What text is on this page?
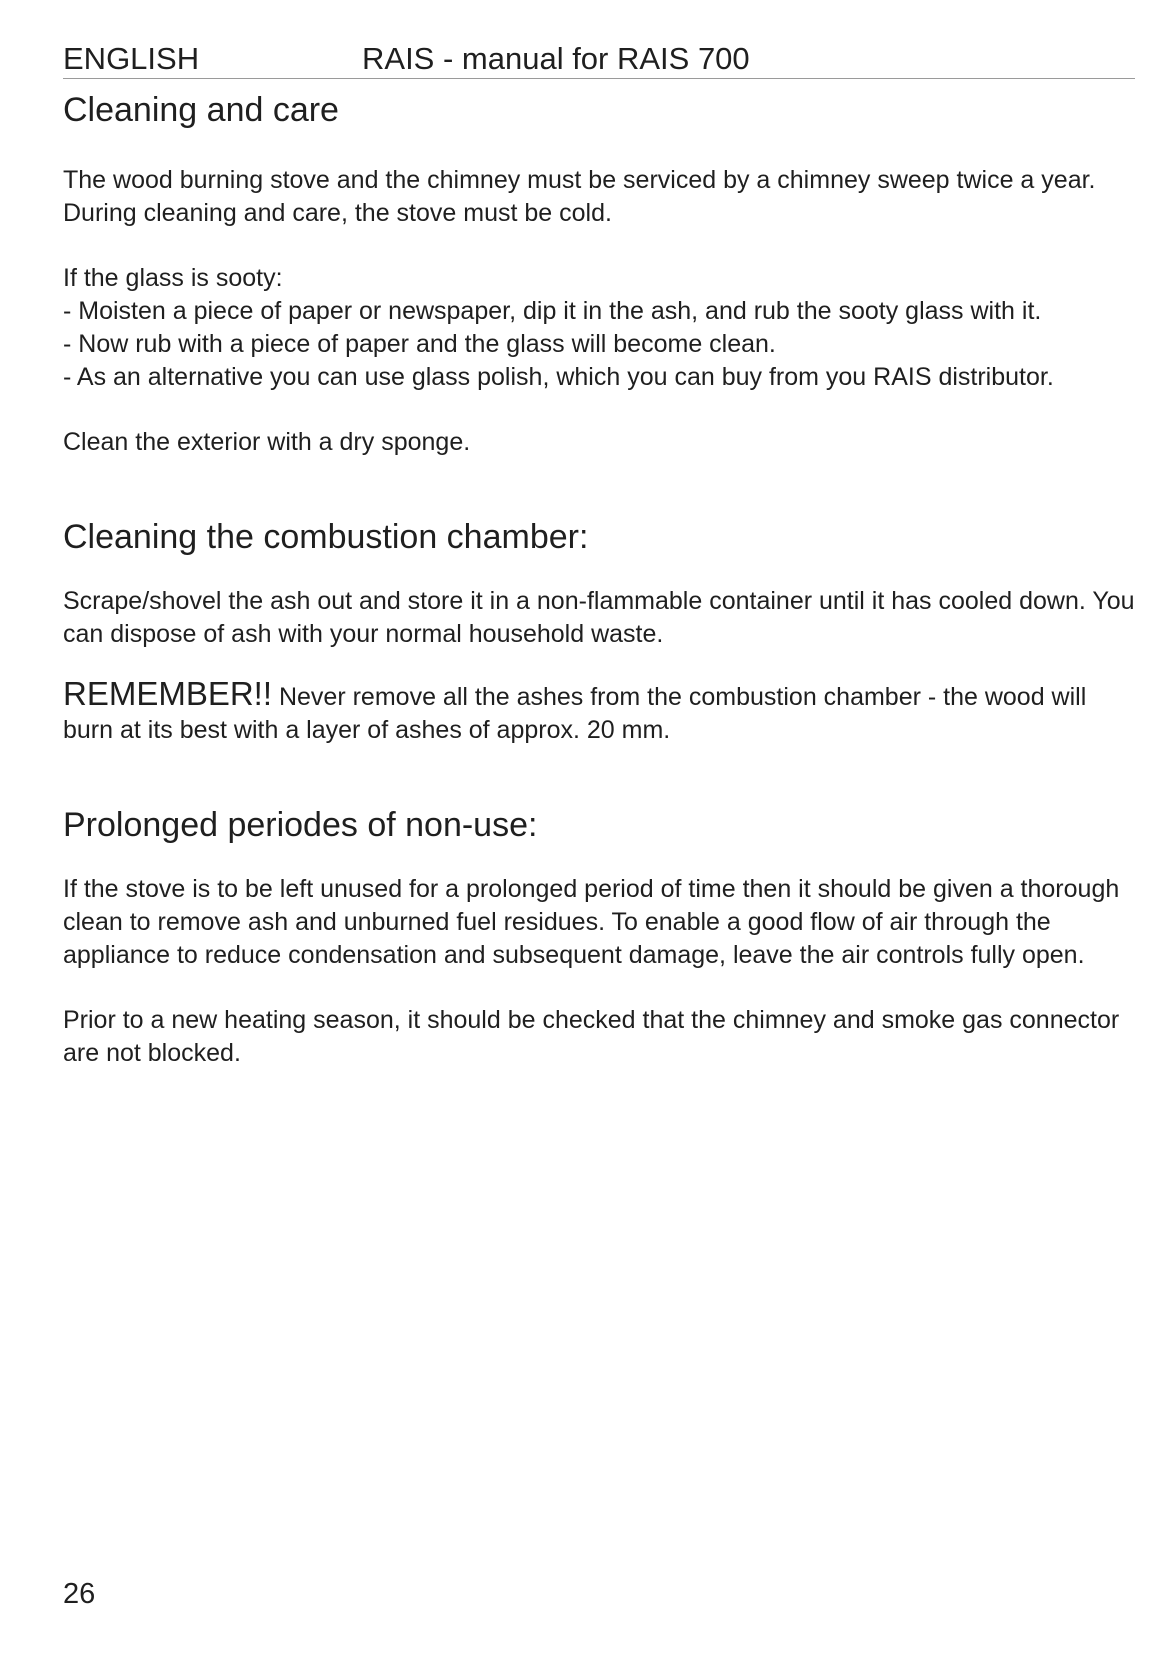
ENGLISH	RAIS - manual for RAIS 700
Cleaning and care

The wood burning stove and the chimney must be serviced by a chimney sweep twice a year. During cleaning and care, the stove must be cold.

If the glass is sooty:

- Moisten a piece of paper or newspaper, dip it in the ash, and rub the sooty glass with it.
- Now rub with a piece of paper and the glass will become clean.
- As an alternative you can use glass polish, which you can buy from you RAIS distributor.

Clean the exterior with a dry sponge.

Cleaning the combustion chamber:

Scrape/shovel the ash out and store it in a non-flammable container until it has cooled down. You can dispose of ash with your normal household waste.

REMEMBER!! Never remove all the ashes from the combustion chamber - the wood will burn at its best with a layer of ashes of approx. 20 mm.

Prolonged periodes of non-use:

If the stove is to be left unused for a prolonged period of time then it should be given a thorough clean to remove ash and unburned fuel residues. To enable a good flow of air through the appliance to reduce condensation and subsequent damage, leave the air controls fully open.

Prior to a new heating season, it should be checked that the chimney and smoke gas connector are not blocked.

26
